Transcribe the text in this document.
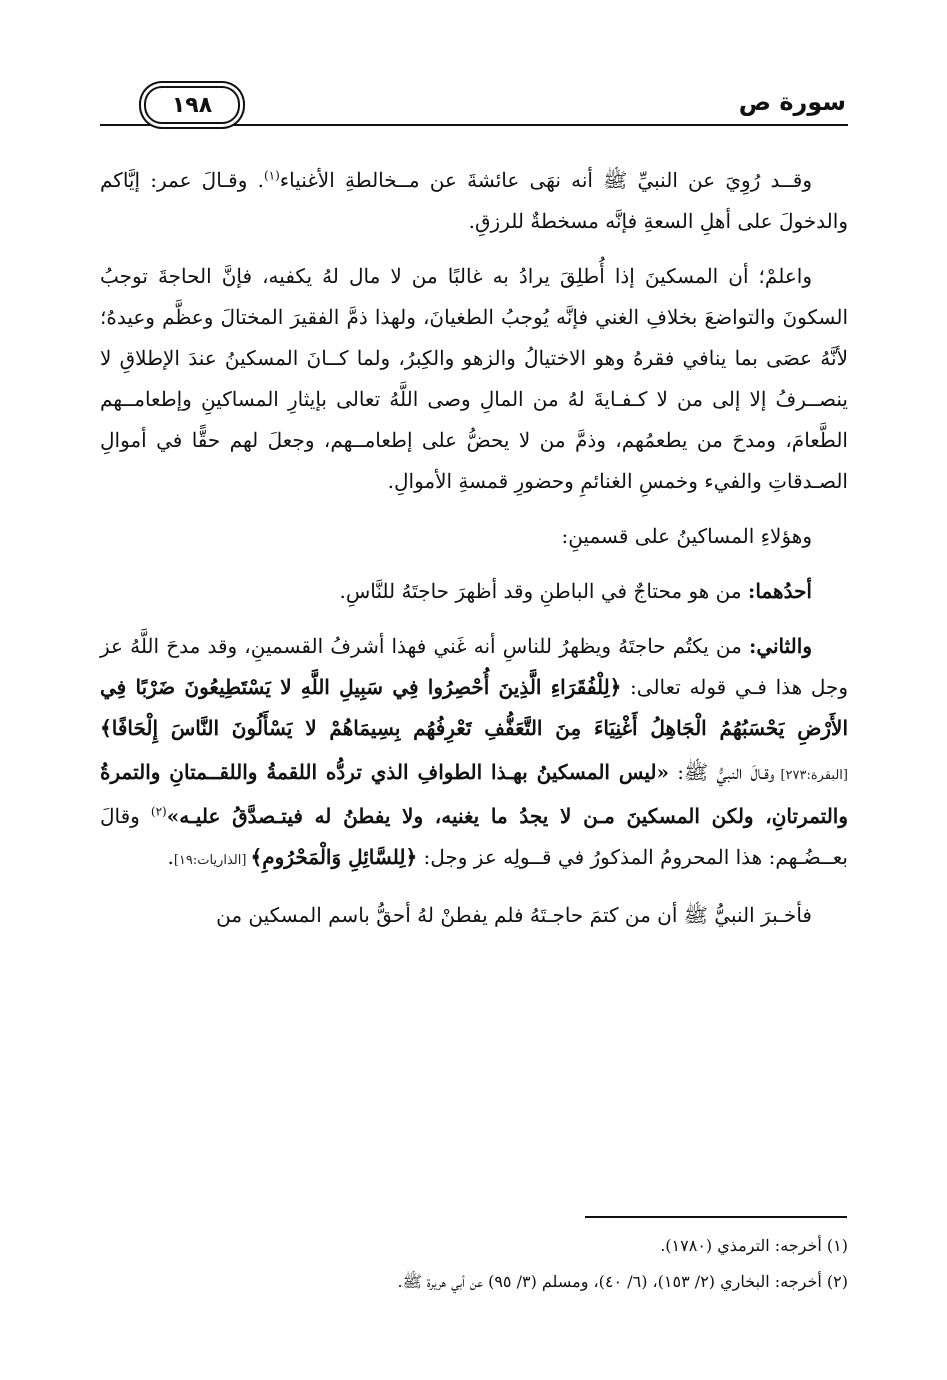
١٩٨	سورة ص

وقــد رُوِيَ عن النبيِّ ﷺ أنه نهَى عائشةَ عن مــخالطةِ الأغنياء$^{(١)}$. وقـالَ عمر: إيَّاكم والدخولَ على أهلِ السعةِ فإنَّه مسخطةٌ للرزقِ.

واعلمْ؛ أن المسكينَ إذا أُطلِقَ يرادُ به غالبًا من لا مال لهُ يكفيه، فإنَّ الحاجةَ توجبُ السكونَ والتواضعَ بخلافِ الغني فإنَّه يُوجبُ الطغيانَ، ولهذا ذمَّ الفقيرَ المختالَ وعظَّم وعيدهُ؛ لأنَّهُ عصَى بما ينافي فقرهُ وهو الاختيالُ والزهو والكِبرُ، ولما كــانَ المسكينُ عندَ الإطلاقِ لا ينصــرفُ إلا إلى من لا كـفـايةَ لهُ من المالِ وصى اللَّهُ تعالى بإيثارِ المساكينِ وإطعامــهم الطَّعامَ، ومدحَ من يطعمُهم، وذمَّ من لا يحضُّ على إطعامــهم، وجعلَ لهم حقًّا في أموالِ الصـدقاتِ والفيء وخمسِ الغنائمِ وحضورِ قمسةِ الأموالِ.

وهؤلاءِ المساكينُ على قسمينِ:

أحدُهما: من هو محتاجٌ في الباطنِ وقد أظهرَ حاجتَهُ للنَّاسِ.

والثاني: من يكتُم حاجتَهُ ويظهرُ للناسِ أنه غَني فهذا أشرفُ القسمينِ، وقد مدحَ اللَّهُ عز وجل هذا فـي قوله تعالى: ﴿لِلْفُقَرَاءِ الَّذِينَ أُحْصِرُوا فِي سَبِيلِ اللَّهِ لا يَسْتَطِيعُونَ ضَرْبًا فِي الأَرْضِ يَحْسَبُهُمُ الْجَاهِلُ أَغْنِيَاءَ مِنَ التَّعَفُّفِ تَعْرِفُهُم بِسِيمَاهُمْ لا يَسْأَلُونَ النَّاسَ إِلْحَافًا﴾ [البقرة:٢٧٣] وقـالَ النبيُّ ﷺ: «ليس المسكينُ بهـذا الطوافِ الذي تردُّه اللقمةُ واللقــمتانِ والتمرةُ والتمرتانِ، ولكن المسكينَ مـن لا يجدُ ما يغنيه، ولا يفطنُ له فيتـصدَّقُ عليـه»$^{(٢)}$ وقالَ بعــضُـهم: هذا المحرومُ المذكورُ في قــولِه عز وجل: ﴿لِلسَّائِلِ وَالْمَحْرُومِ﴾ [الذاريات:١٩].

فأخـبرَ النبيُّ ﷺ أن من كتمَ حاجـتَهُ فلم يفطنْ لهُ أحقُّ باسم المسكين من

(١) أخرجه: الترمذي (١٧٨٠).
(٢) أخرجه: البخاري (٢/ ١٥٣)، (٦/ ٤٠)، ومسلم (٣/ ٩٥) عن أبي هريرة ﷺ.
